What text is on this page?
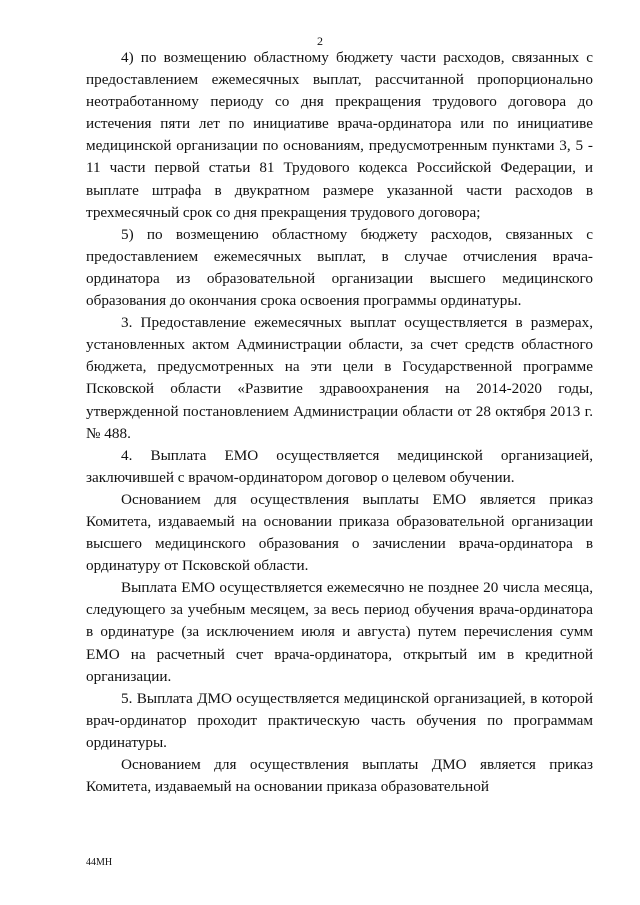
2

4) по возмещению областному бюджету части расходов, связанных с предоставлением ежемесячных выплат, рассчитанной пропорционально неотработанному периоду со дня прекращения трудового договора до истечения пяти лет по инициативе врача-ординатора или по инициативе медицинской организации по основаниям, предусмотренным пунктами 3, 5 - 11 части первой статьи 81 Трудового кодекса Российской Федерации, и выплате штрафа в двукратном размере указанной части расходов в трехмесячный срок со дня прекращения трудового договора;

5) по возмещению областному бюджету расходов, связанных с предоставлением ежемесячных выплат, в случае отчисления врача-ординатора из образовательной организации высшего медицинского образования до окончания срока освоения программы ординатуры.

3. Предоставление ежемесячных выплат осуществляется в размерах, установленных актом Администрации области, за счет средств областного бюджета, предусмотренных на эти цели в Государственной программе Псковской области «Развитие здравоохранения на 2014-2020 годы, утвержденной постановлением Администрации области от 28 октября 2013 г. № 488.

4. Выплата ЕМО осуществляется медицинской организацией, заключившей с врачом-ординатором договор о целевом обучении.

Основанием для осуществления выплаты ЕМО является приказ Комитета, издаваемый на основании приказа образовательной организации высшего медицинского образования о зачислении врача-ординатора в ординатуру от Псковской области.

Выплата ЕМО осуществляется ежемесячно не позднее 20 числа месяца, следующего за учебным месяцем, за весь период обучения врача-ординатора в ординатуре (за исключением июля и августа) путем перечисления сумм ЕМО на расчетный счет врача-ординатора, открытый им в кредитной организации.

5. Выплата ДМО осуществляется медицинской организацией, в которой врач-ординатор проходит практическую часть обучения по программам ординатуры.

Основанием для осуществления выплаты ДМО является приказ Комитета, издаваемый на основании приказа образовательной

44МН
